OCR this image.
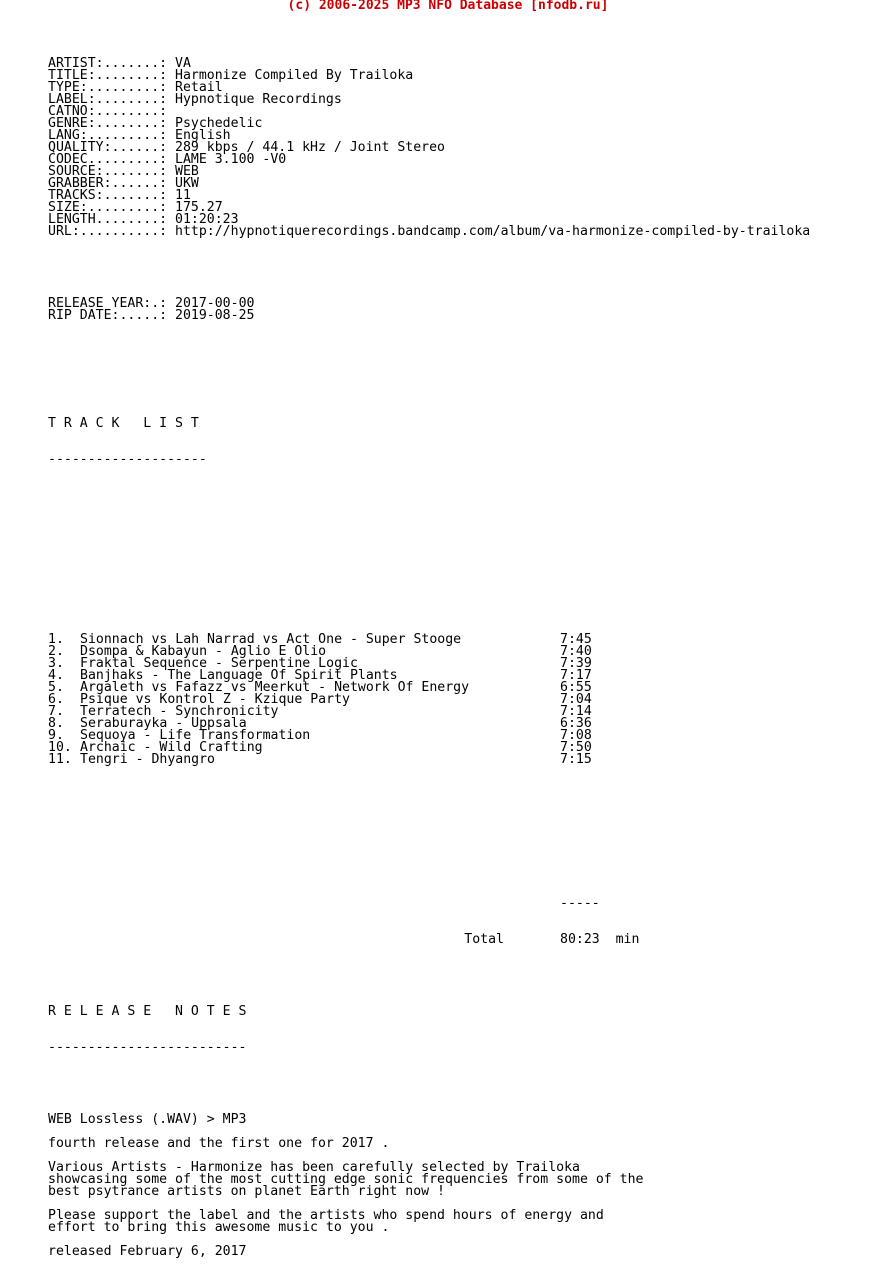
(c) 2006-2025 MP3 NFO Database [nfodb.ru]

ARTIST:.......: VA
TITLE:........: Harmonize Compiled By Trailoka
TYPE:.........: Retail
LABEL:........: Hypnotique Recordings
CATNO:........:
GENRE:........: Psychedelic
LANG:.........: English
QUALITY:......: 289 kbps / 44.1 kHz / Joint Stereo
CODEC.........: LAME 3.100 -V0
SOURCE:.......: WEB
GRABBER:......: UKW
TRACKS:.......: 11
SIZE:.........: 175.27
LENGTH........: 01:20:23
URL:..........: http://hypnotiquerecordings.bandcamp.com/album/va-harmonize-compiled-by-trailoka

RELEASE YEAR:.: 2017-00-00
RIP DATE:.....: 2019-08-25

T R A C K   L I S T

--------------------

1. Sionnach vs Lah Narrad vs Act One - Super Stooge	7:45
2. Dsompa & Kabayun - Aglio E Olio	7:40
3. Fraktal Sequence - Serpentine Logic	7:39
4. Banjhaks - The Language Of Spirit Plants	7:17
5. Argaleth vs Fafazz vs Meerkut - Network Of Energy	6:55
6. Psique vs Kontrol Z - Kzique Party	7:04
7. Terratech - Synchronicity	7:14
8. Seraburayka - Uppsala	6:36
9. Sequoya - Life Transformation	7:08
10. Archaic - Wild Crafting	7:50
11. Tengri - Dhyangro	7:15

-----

Total	80:23 min

R E L E A S E   N O T E S

-------------------------

WEB Lossless (.WAV) > MP3
fourth release and the first one for 2017 .
Various Artists - Harmonize has been carefully selected by Trailoka
showcasing some of the most cutting edge sonic frequencies from some of the
best psytrance artists on planet Earth right now !
Please support the label and the artists who spend hours of energy and
effort to bring this awesome music to you .
released February 6, 2017
